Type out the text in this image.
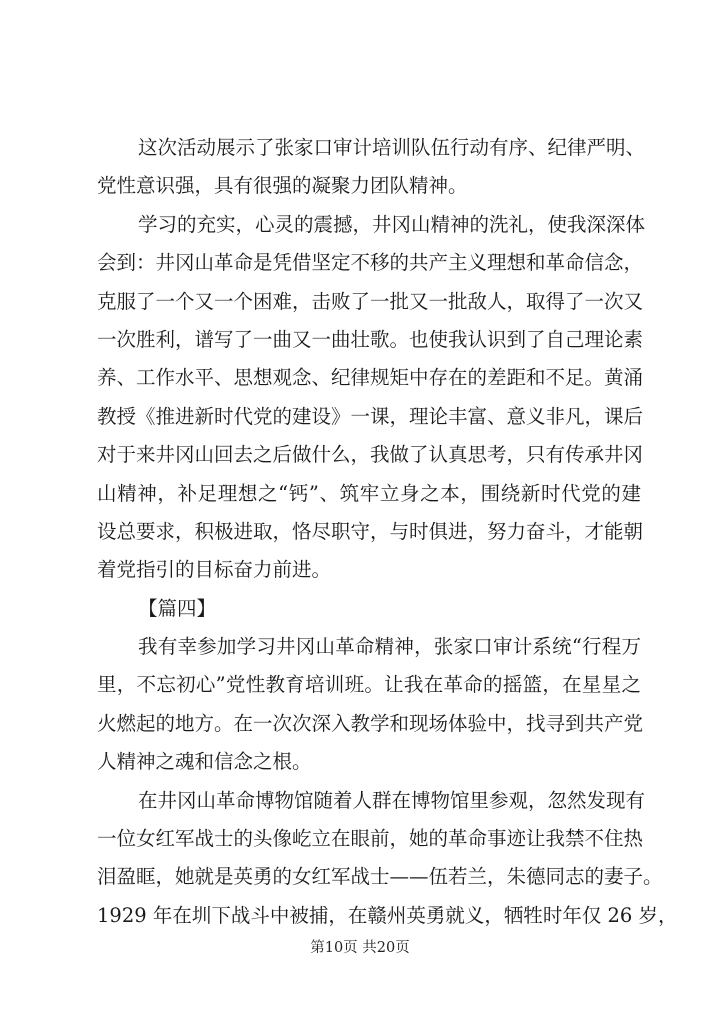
这次活动展示了张家口审计培训队伍行动有序、纪律严明、
党性意识强，具有很强的凝聚力团队精神。
学习的充实，心灵的震撼，井冈山精神的洗礼，使我深深体
会到：井冈山革命是凭借坚定不移的共产主义理想和革命信念，
克服了一个又一个困难，击败了一批又一批敌人，取得了一次又
一次胜利，谱写了一曲又一曲壮歌。也使我认识到了自己理论素
养、工作水平、思想观念、纪律规矩中存在的差距和不足。黄涌
教授《推进新时代党的建设》一课，理论丰富、意义非凡，课后
对于来井冈山回去之后做什么，我做了认真思考，只有传承井冈
山精神，补足理想之“钙”、筑牢立身之本，围绕新时代党的建
设总要求，积极进取，恪尽职守，与时俱进，努力奋斗，才能朝
着党指引的目标奋力前进。
【篇四】
我有幸参加学习井冈山革命精神，张家口审计系统“行程万
里，不忘初心”党性教育培训班。让我在革命的摇篮，在星星之
火燃起的地方。在一次次深入教学和现场体验中，找寻到共产党
人精神之魂和信念之根。
在井冈山革命博物馆随着人群在博物馆里参观，忽然发现有
一位女红军战士的头像屹立在眼前，她的革命事迹让我禁不住热
泪盈眶，她就是英勇的女红军战士——伍若兰，朱德同志的妻子。
1929 年在圳下战斗中被捕，在赣州英勇就义，牺牲时年仅 26 岁，
第10页 共20页
